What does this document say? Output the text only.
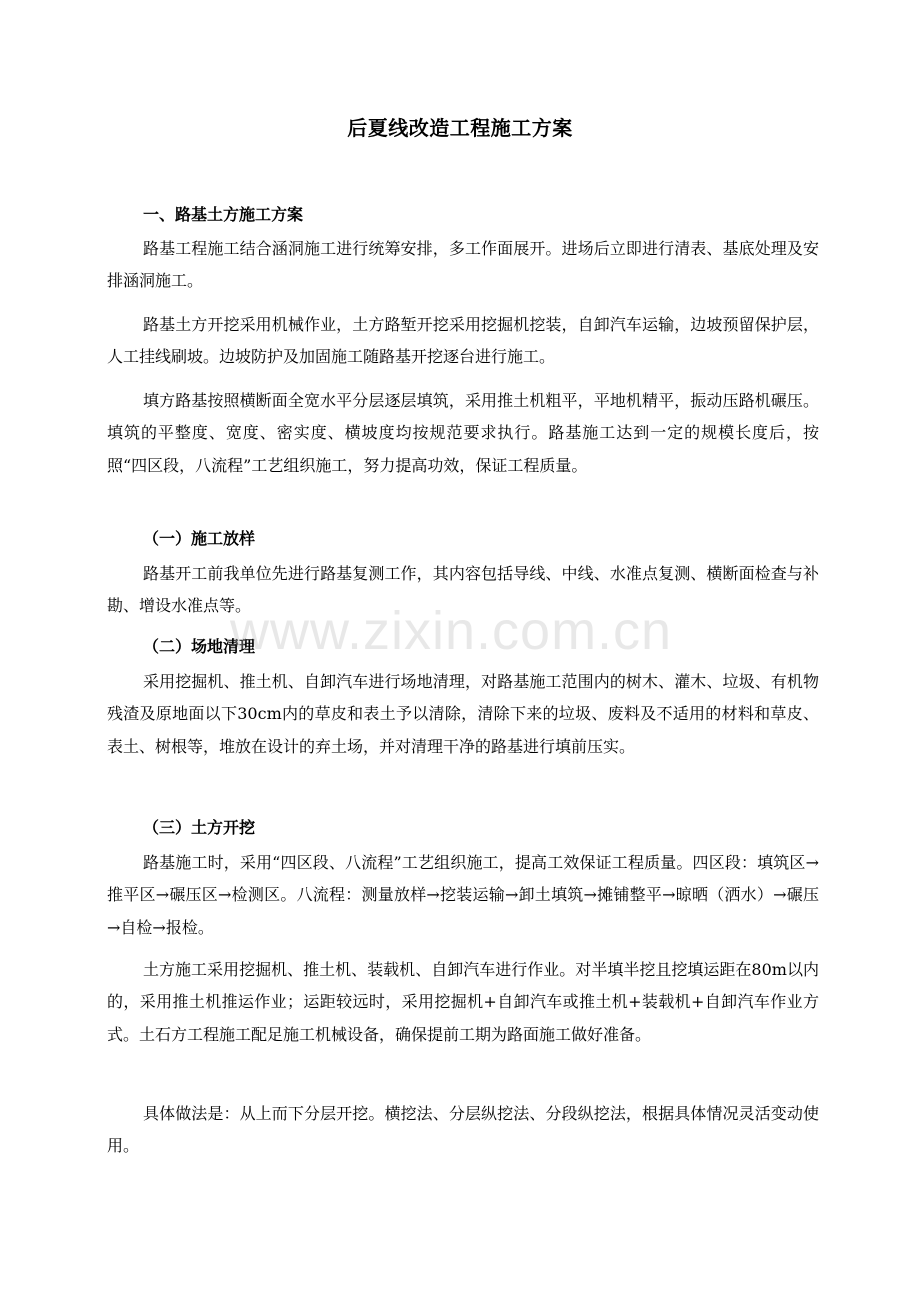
后夏线改造工程施工方案
一、路基土方施工方案

路基工程施工结合涵洞施工进行统筹安排，多工作面展开。进场后立即进行清表、基底处理及安排涵洞施工。

路基土方开挖采用机械作业，土方路堑开挖采用挖掘机挖装，自卸汽车运输，边坡预留保护层，人工挂线刷坡。边坡防护及加固施工随路基开挖逐台进行施工。

填方路基按照横断面全宽水平分层逐层填筑，采用推土机粗平，平地机精平，振动压路机碾压。填筑的平整度、宽度、密实度、横坡度均按规范要求执行。路基施工达到一定的规模长度后，按照“四区段，八流程”工艺组织施工，努力提高功效，保证工程质量。

（一）施工放样

路基开工前我单位先进行路基复测工作，其内容包括导线、中线、水准点复测、横断面检查与补勘、增设水准点等。

（二）场地清理

采用挖掘机、推土机、自卸汽车进行场地清理，对路基施工范围内的树木、灌木、垃圾、有机物残渣及原地面以下30cm内的草皮和表土予以清除，清除下来的垃圾、废料及不适用的材料和草皮、表土、树根等，堆放在设计的弃土场，并对清理干净的路基进行填前压实。

（三）土方开挖

路基施工时，采用“四区段、八流程”工艺组织施工，提高工效保证工程质量。四区段：填筑区→推平区→碾压区→检测区。八流程：测量放样→挖装运输→卸土填筑→摊铺整平→晾晒（洒水）→碾压→自检→报检。

土方施工采用挖掘机、推土机、装载机、自卸汽车进行作业。对半填半挖且挖填运距在80m以内的，采用推土机推运作业；运距较远时，采用挖掘机+自卸汽车或推土机+装载机+自卸汽车作业方式。土石方工程施工配足施工机械设备，确保提前工期为路面施工做好准备。

具体做法是：从上而下分层开挖。横挖法、分层纵挖法、分段纵挖法，根据具体情况灵活变动使用。

www.zixin.com.cn
